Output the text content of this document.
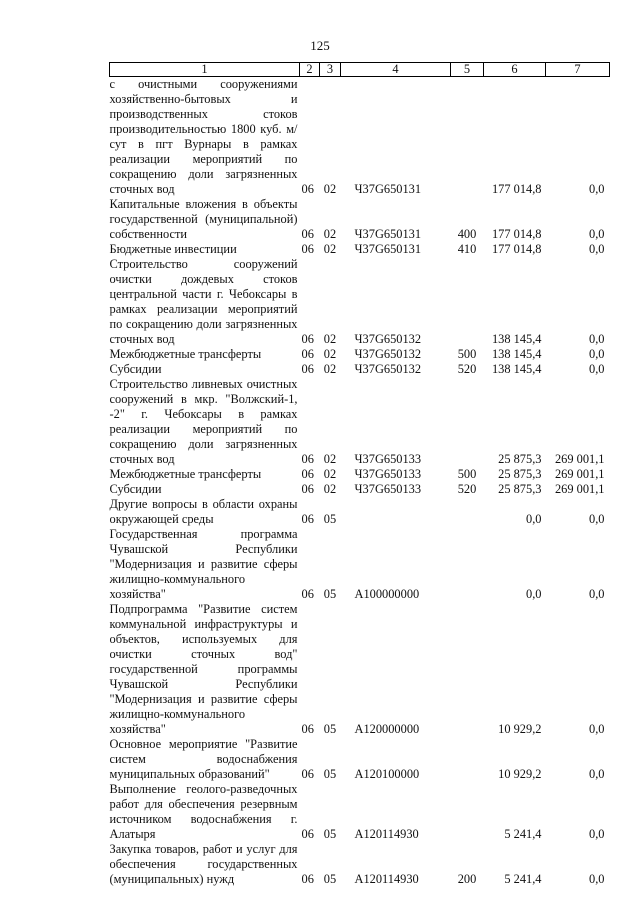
125
1	2	3	4	5	6	7
с очистными сооружениями хозяйственно-бытовых и производственных стоков производительностью 1800 куб. м/сут в пгт Вурнары в рамках реализации мероприятий по сокращению доли загрязненных сточных вод	06	02	Ч37G650131		177 014,8	0,0
Капитальные вложения в объекты государственной (муниципальной) собственности	06	02	Ч37G650131	400	177 014,8	0,0
Бюджетные инвестиции	06	02	Ч37G650131	410	177 014,8	0,0
Строительство сооружений очистки дождевых стоков центральной части г. Чебоксары в рамках реализации мероприятий по сокращению доли загрязненных сточных вод	06	02	Ч37G650132		138 145,4	0,0
Межбюджетные трансферты	06	02	Ч37G650132	500	138 145,4	0,0
Субсидии	06	02	Ч37G650132	520	138 145,4	0,0
Строительство ливневых очистных сооружений в мкр. "Волжский-1, -2" г. Чебоксары в рамках реализации мероприятий по сокращению доли загрязненных сточных вод	06	02	Ч37G650133		25 875,3	269 001,1
Межбюджетные трансферты	06	02	Ч37G650133	500	25 875,3	269 001,1
Субсидии	06	02	Ч37G650133	520	25 875,3	269 001,1
Другие вопросы в области охраны окружающей среды	06	05			0,0	0,0
Государственная программа Чувашской Республики "Модернизация и развитие сферы жилищно-коммунального хозяйства"	06	05	А100000000		0,0	0,0
Подпрограмма "Развитие систем коммунальной инфраструктуры и объектов, используемых для очистки сточных вод" государственной программы Чувашской Республики "Модернизация и развитие сферы жилищно-коммунального хозяйства"	06	05	А120000000		10 929,2	0,0
Основное мероприятие "Развитие систем водоснабжения муниципальных образований"	06	05	А120100000		10 929,2	0,0
Выполнение геолого-разведочных работ для обеспечения резервным источником водоснабжения г. Алатыря	06	05	А120114930		5 241,4	0,0
Закупка товаров, работ и услуг для обеспечения государственных (муниципальных) нужд	06	05	А120114930	200	5 241,4	0,0
